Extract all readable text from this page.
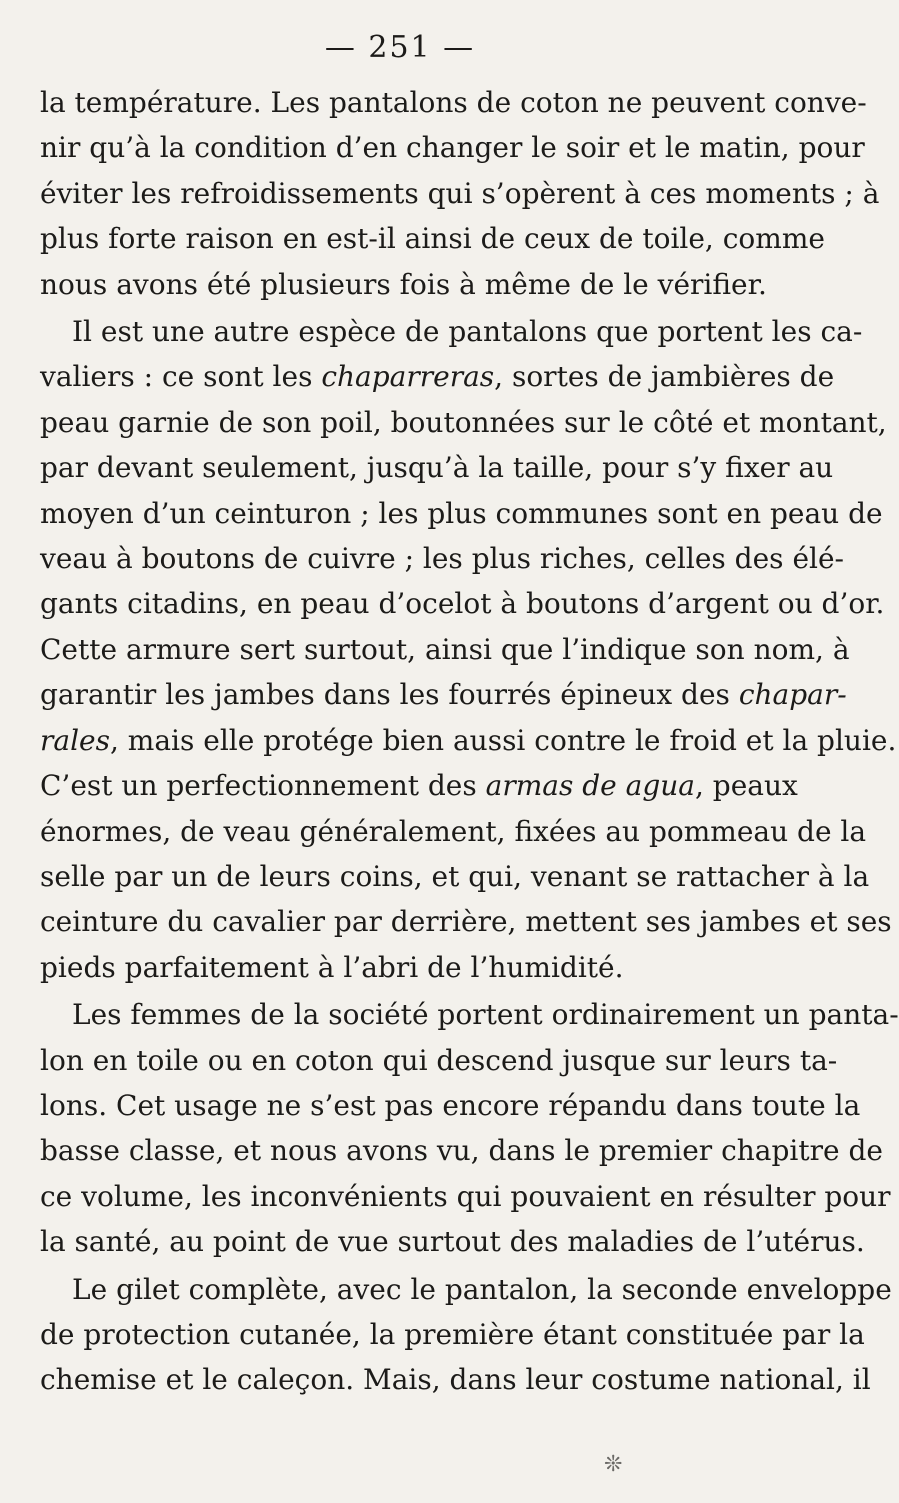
— 251 —

la température. Les pantalons de coton ne peuvent conve-
nir qu’à la condition d’en changer le soir et le matin, pour
éviter les refroidissements qui s’opèrent à ces moments ; à
plus forte raison en est-il ainsi de ceux de toile, comme
nous avons été plusieurs fois à même de le vérifier.

Il est une autre espèce de pantalons que portent les ca-
valiers : ce sont les chaparreras, sortes de jambières de
peau garnie de son poil, boutonnées sur le côté et montant,
par devant seulement, jusqu’à la taille, pour s’y fixer au
moyen d’un ceinturon ; les plus communes sont en peau de
veau à boutons de cuivre ; les plus riches, celles des élé-
gants citadins, en peau d’ocelot à boutons d’argent ou d’or.
Cette armure sert surtout, ainsi que l’indique son nom, à
garantir les jambes dans les fourrés épineux des chapar-
rales, mais elle protége bien aussi contre le froid et la pluie.
C’est un perfectionnement des armas de agua, peaux
énormes, de veau généralement, fixées au pommeau de la
selle par un de leurs coins, et qui, venant se rattacher à la
ceinture du cavalier par derrière, mettent ses jambes et ses
pieds parfaitement à l’abri de l’humidité.

Les femmes de la société portent ordinairement un panta-
lon en toile ou en coton qui descend jusque sur leurs ta-
lons. Cet usage ne s’est pas encore répandu dans toute la
basse classe, et nous avons vu, dans le premier chapitre de
ce volume, les inconvénients qui pouvaient en résulter pour
la santé, au point de vue surtout des maladies de l’utérus.

Le gilet complète, avec le pantalon, la seconde enveloppe
de protection cutanée, la première étant constituée par la
chemise et le caleçon. Mais, dans leur costume national, il

❊
